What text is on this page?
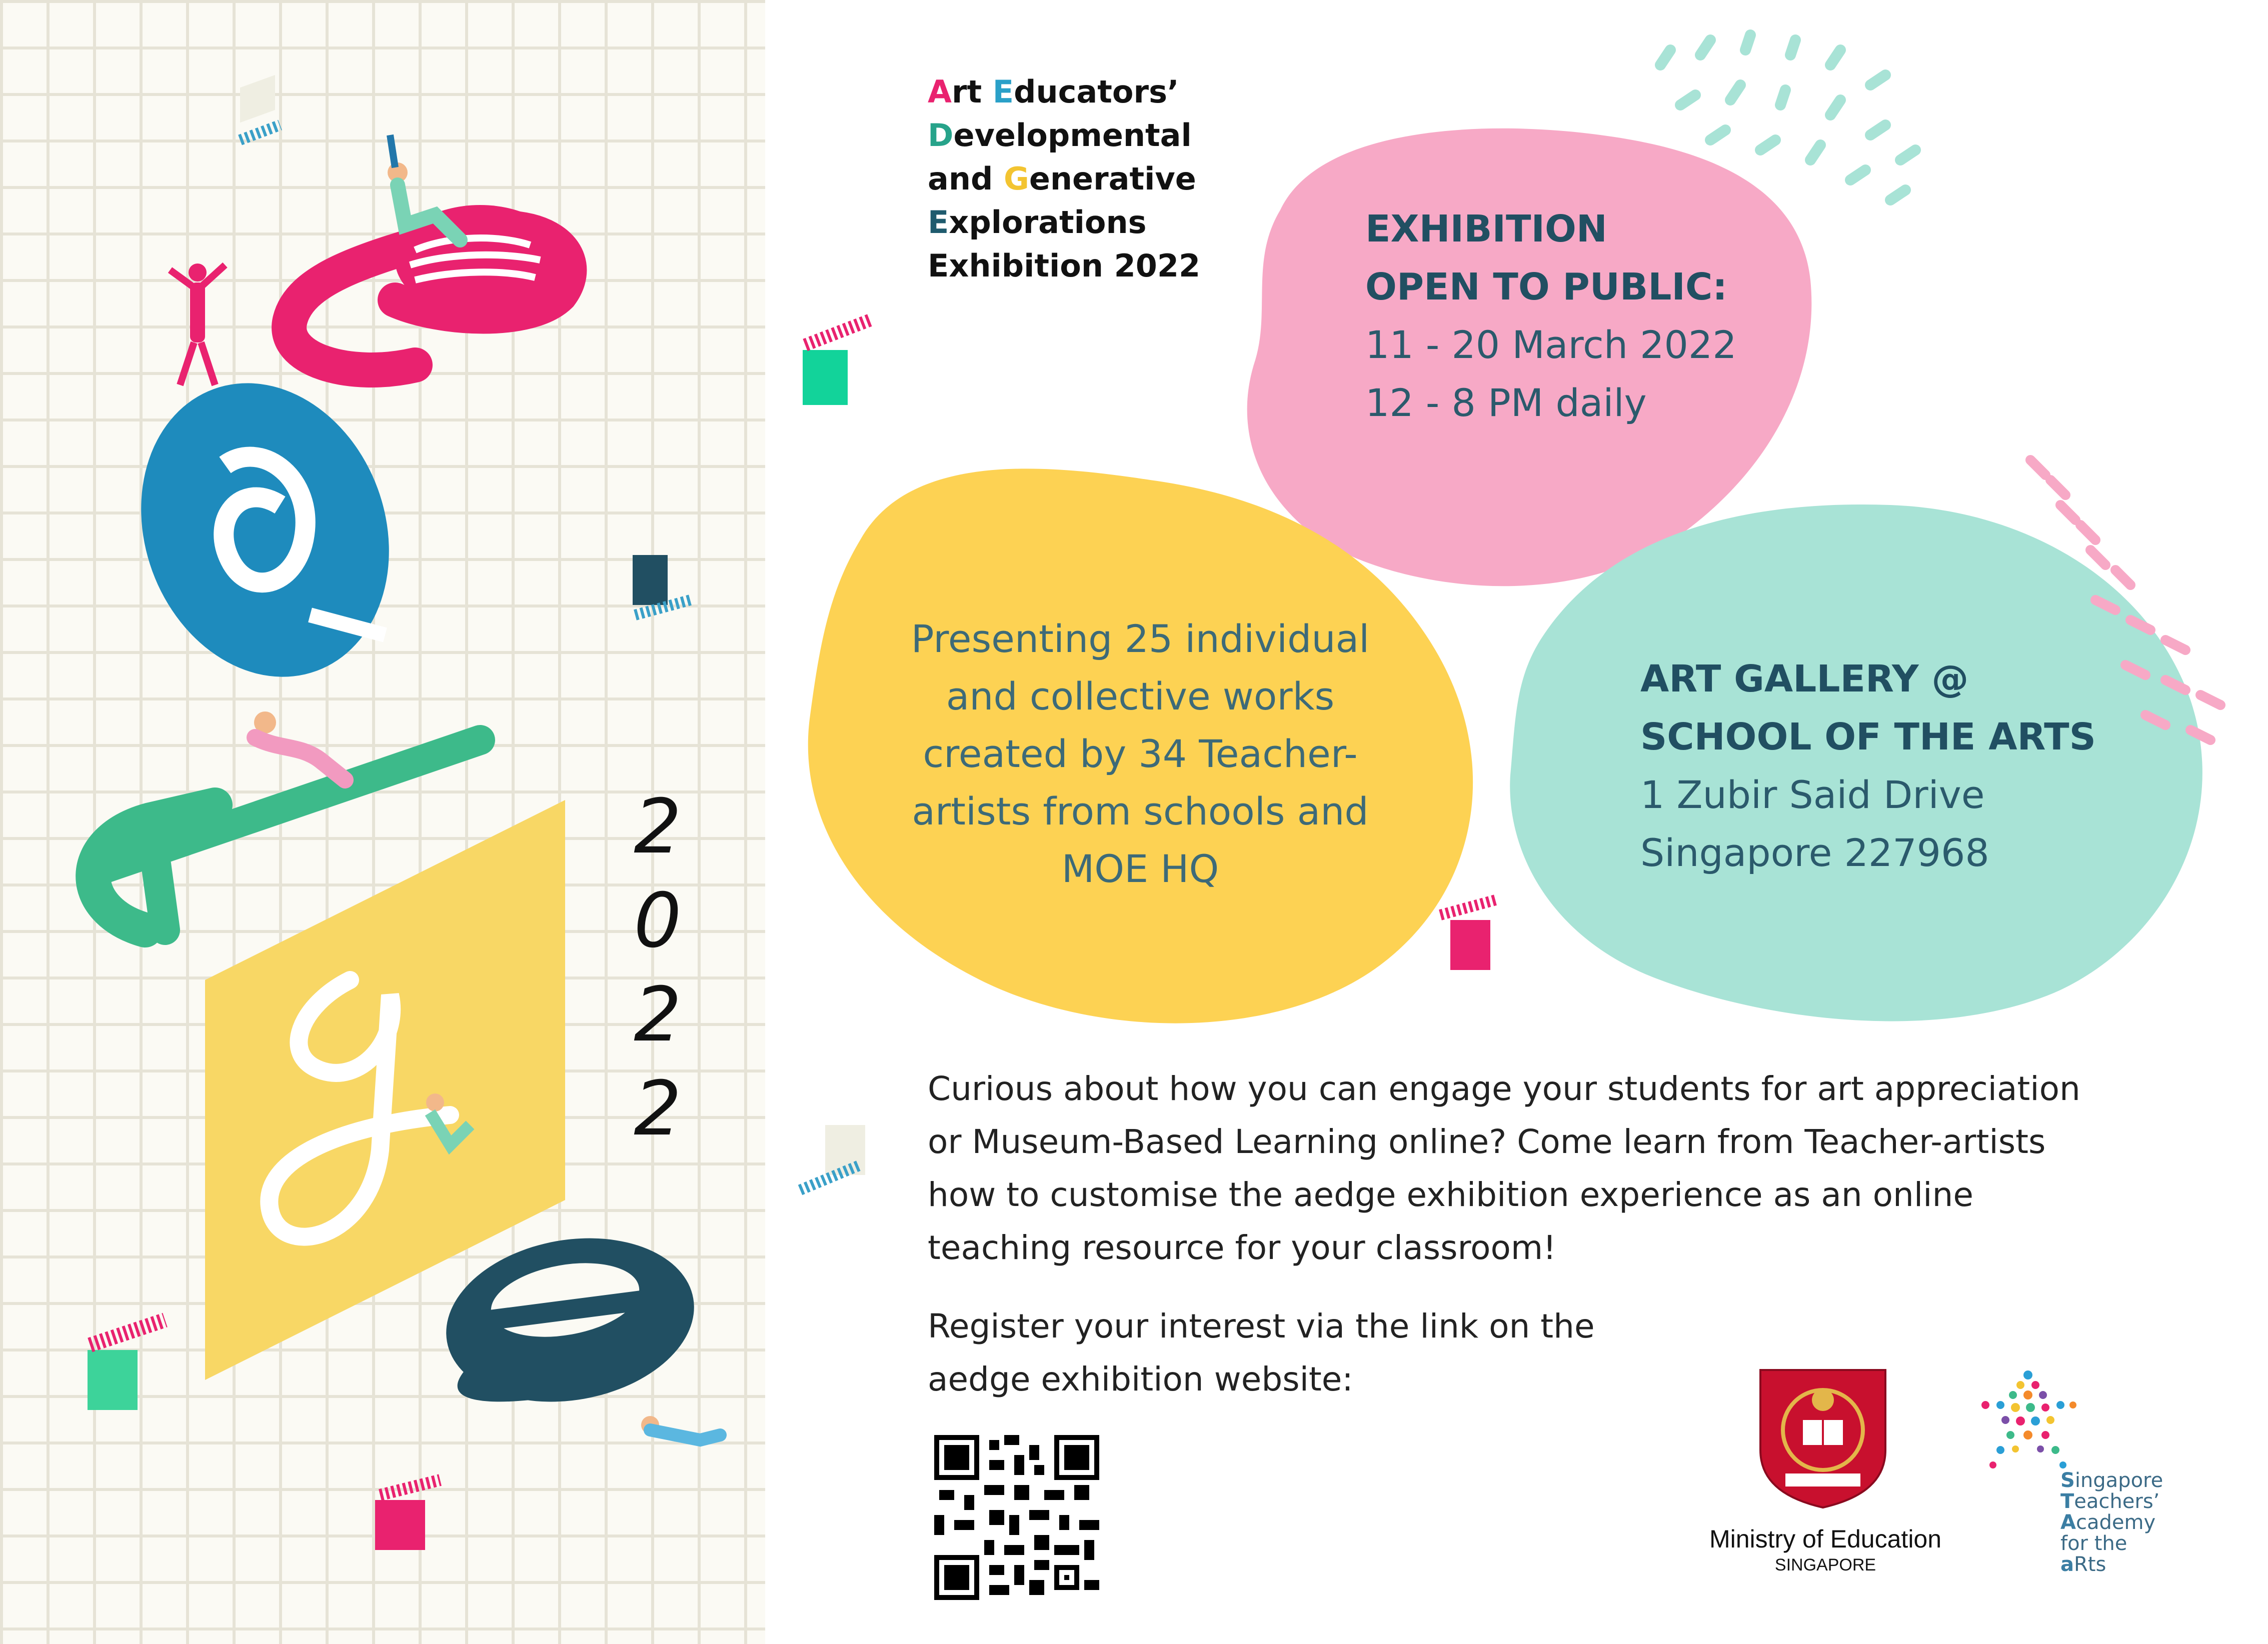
2
0
2
2
Art Educators’
Developmental
and Generative
Explorations
Exhibition 2022
EXHIBITION
OPEN TO PUBLIC:
11 - 20 March 2022
12 - 8 PM daily
Presenting 25 individual
and collective works
created by 34 Teacher-
artists from schools and
MOE HQ
ART GALLERY @
SCHOOL OF THE ARTS
1 Zubir Said Drive
Singapore 227968
Curious about how you can engage your students for art appreciation
or Museum-Based Learning online? Come learn from Teacher-artists
how to customise the aedge exhibition experience as an online
teaching resource for your classroom!
Register your interest via the link on the
aedge exhibition website:
Ministry of Education
SINGAPORE
Singapore
Teachers’
Academy
for the
aRts
